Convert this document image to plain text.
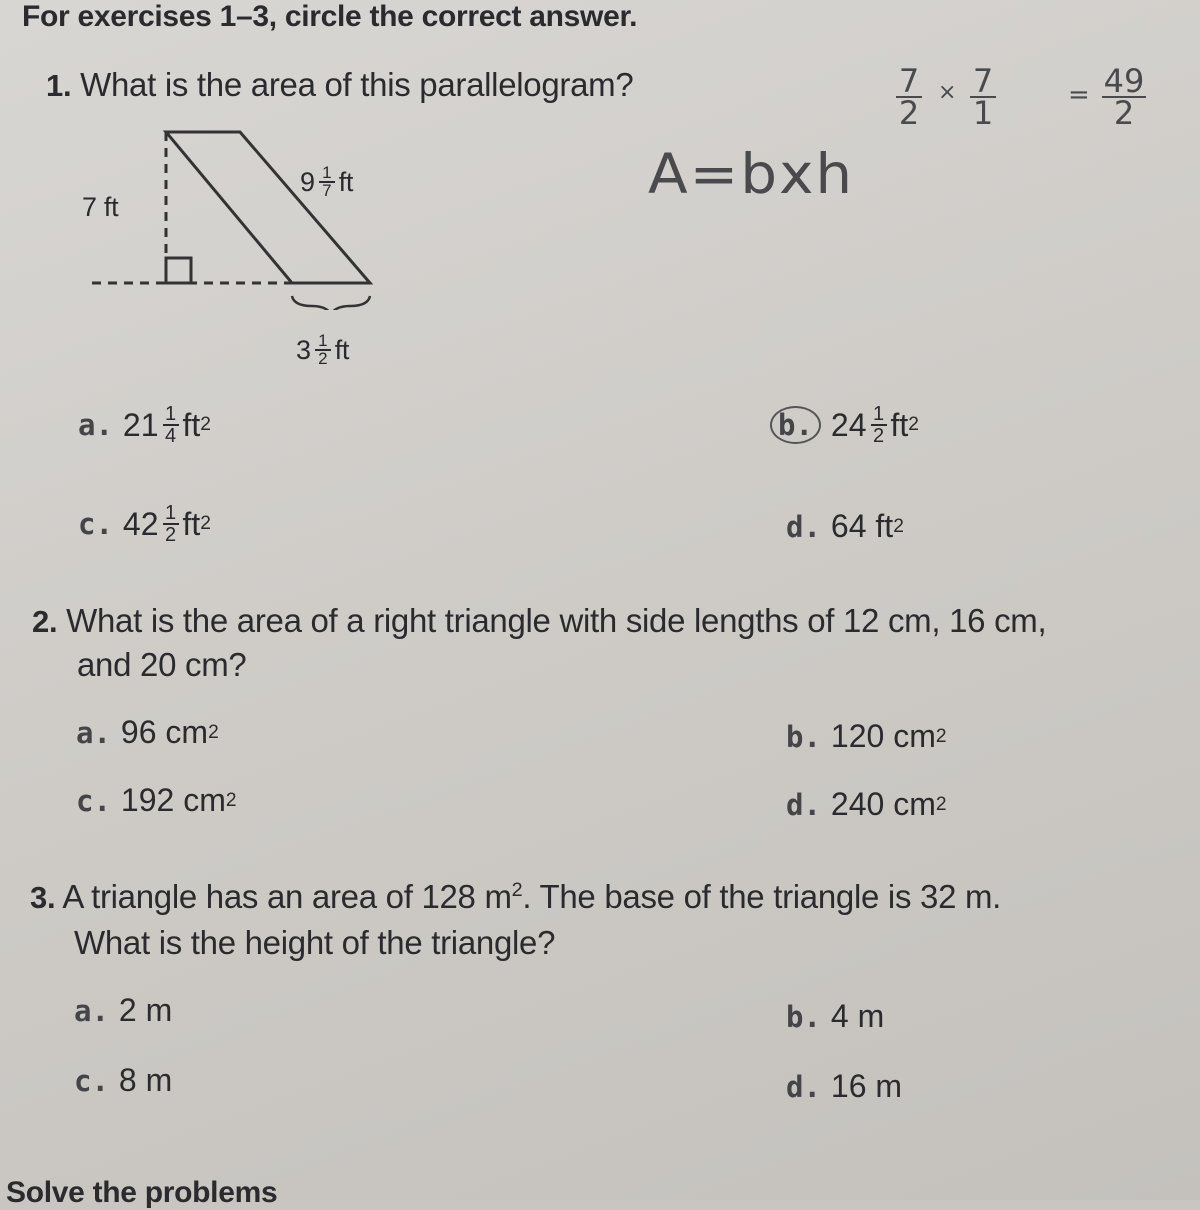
For exercises 1–3, circle the correct answer.
1. What is the area of this parallelogram?
7 ft
$9 \frac{1}{7}$ ft
$3 \frac{1}{2}$ ft
A=bxh
7
2
× 7
1	= 49
2
a. $21 \frac{1}{4}$ ft 2	b. $24 \frac{1}{2}$ ft 2
c. $42 \frac{1}{2}$ ft 2	d. 64 ft 2
2. What is the area of a right triangle with side lengths of 12 cm, 16 cm,
and 20 cm?
a. 96 cm 2	b. 120 cm 2
c. 192 cm 2	d. 240 cm 2
3. A triangle has an area of 128 $m^2$. The base of the triangle is 32 m.
What is the height of the triangle?
a. 2 m	b. 4 m
c. 8 m	d. 16 m
Solve the problems
